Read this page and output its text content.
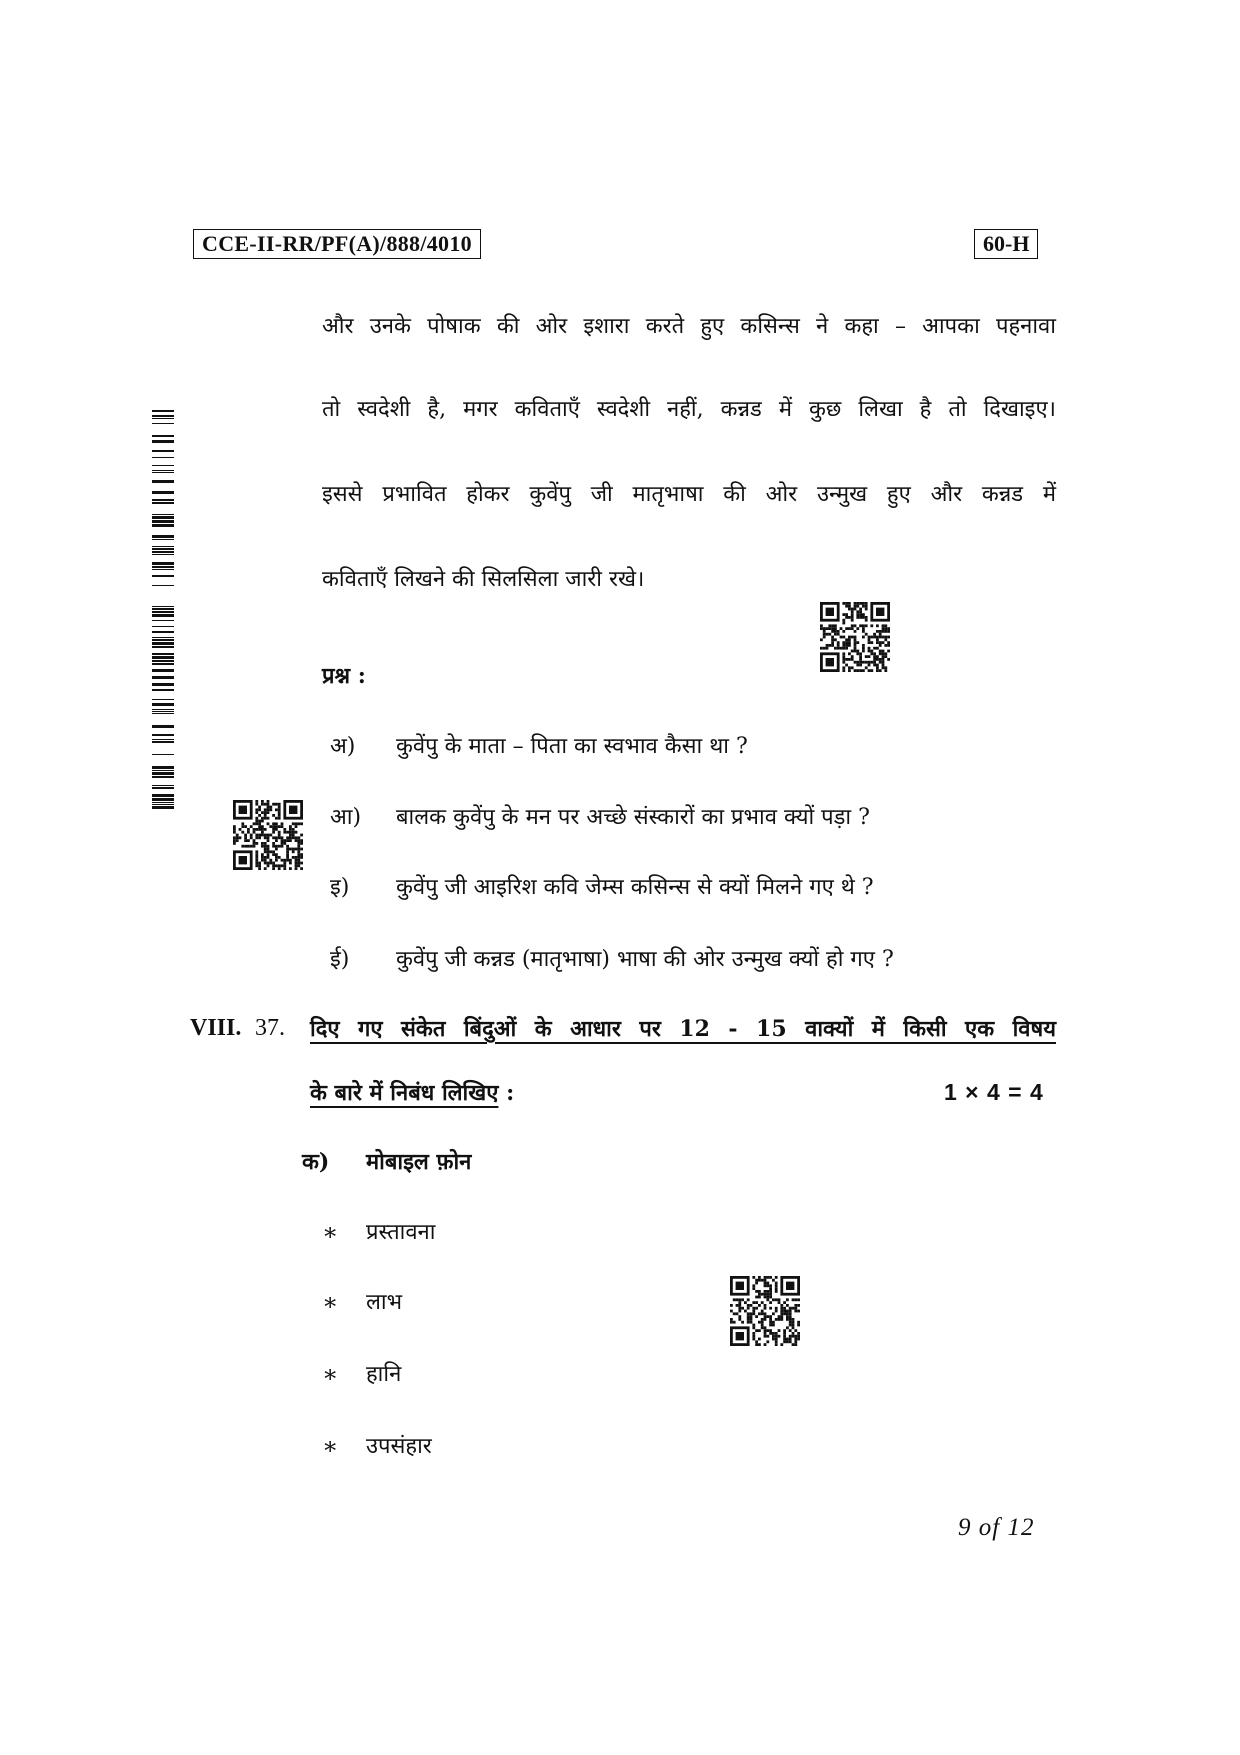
CCE-II-RR/PF(A)/888/4010	60-H
और उनके पोषाक की ओर इशारा करते हुए कसिन्स ने कहा – आपका पहनावा
तो स्वदेशी है, मगर कविताएँ स्वदेशी नहीं, कन्नड में कुछ लिखा है तो दिखाइए।
इससे प्रभावित होकर कुवेंपु जी मातृभाषा की ओर उन्मुख हुए और कन्नड में
कविताएँ लिखने की सिलसिला जारी रखे।
प्रश्न :
अ) कुवेंपु के माता – पिता का स्वभाव कैसा था ?
आ) बालक कुवेंपु के मन पर अच्छे संस्कारों का प्रभाव क्यों पड़ा ?
इ) कुवेंपु जी आइरिश कवि जेम्स कसिन्स से क्यों मिलने गए थे ?
ई) कुवेंपु जी कन्नड (मातृभाषा) भाषा की ओर उन्मुख क्यों हो गए ?
VIII. 37. दिए गए संकेत बिंदुओं के आधार पर 12 - 15 वाक्यों में किसी एक विषय
के बारे में निबंध लिखिए :	1 × 4 = 4
क) मोबाइल फ़ोन
∗ प्रस्तावना
∗ लाभ
∗ हानि
∗ उपसंहार
9 of 12
